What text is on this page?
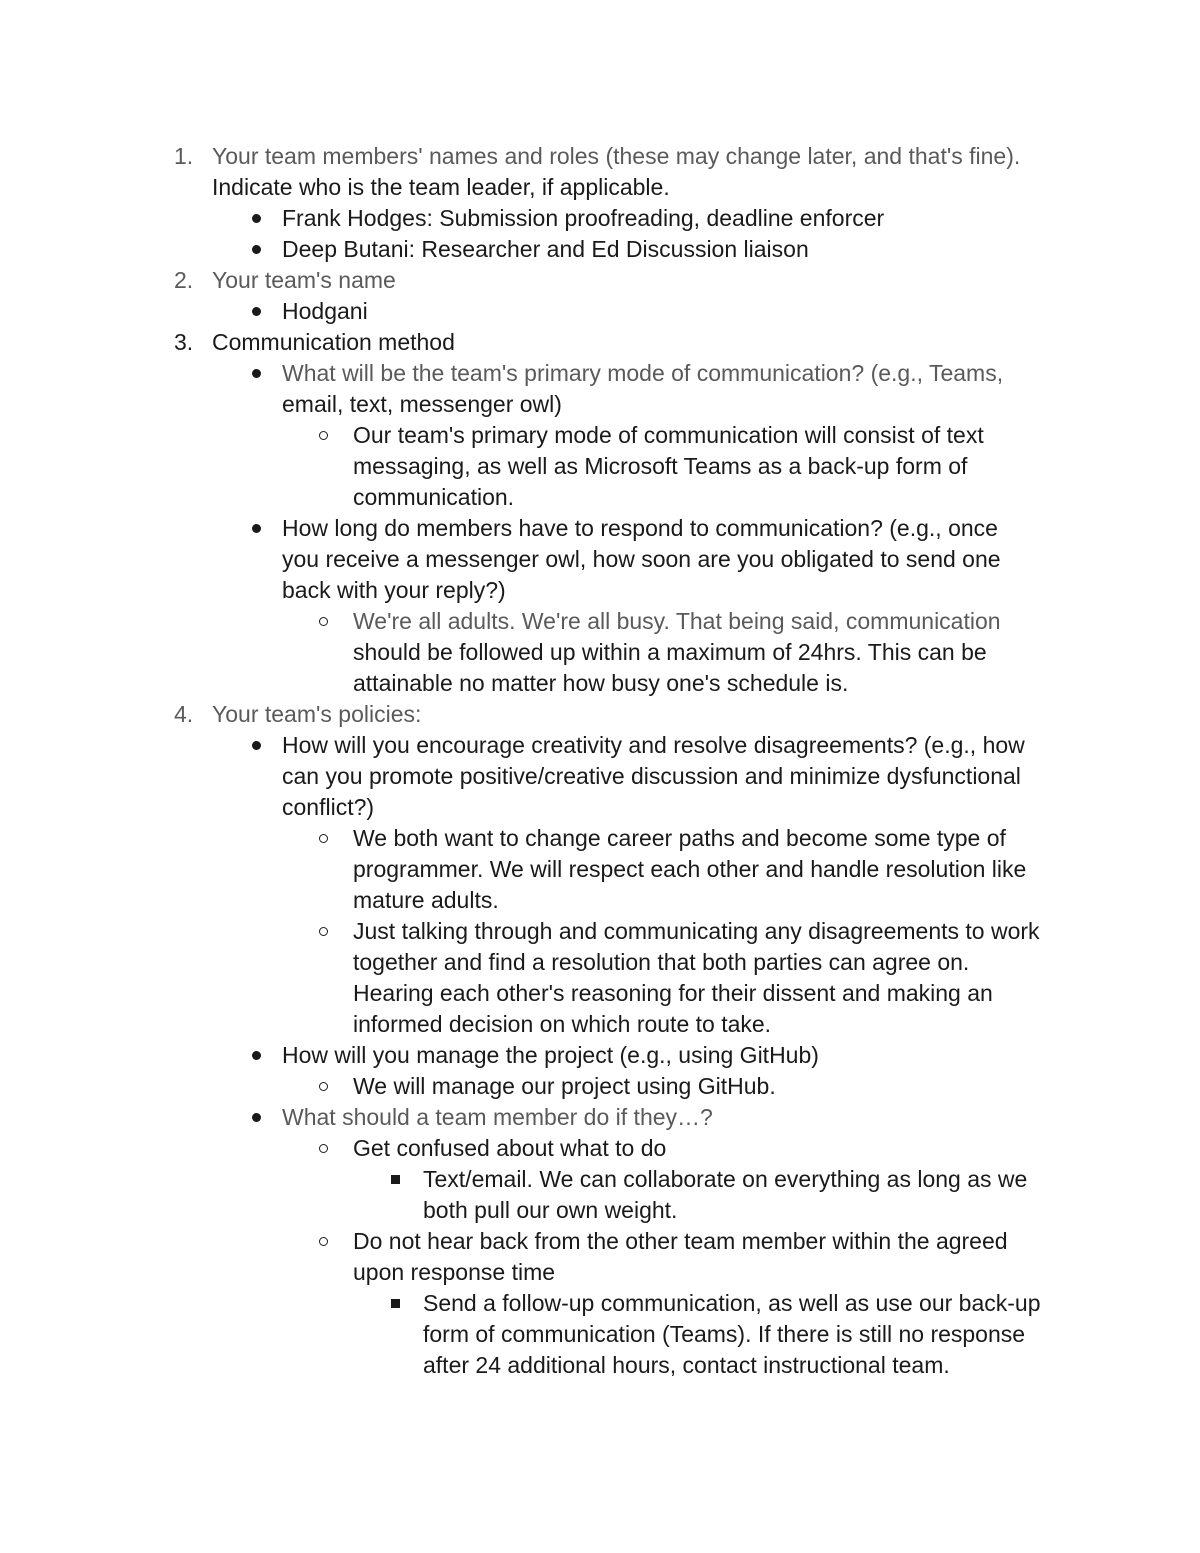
1. Your team members' names and roles (these may change later, and that's fine).
Indicate who is the team leader, if applicable.
Frank Hodges: Submission proofreading, deadline enforcer
Deep Butani: Researcher and Ed Discussion liaison
2. Your team's name
Hodgani
3. Communication method
What will be the team's primary mode of communication? (e.g., Teams,
email, text, messenger owl)
Our team's primary mode of communication will consist of text
messaging, as well as Microsoft Teams as a back-up form of
communication.
How long do members have to respond to communication? (e.g., once
you receive a messenger owl, how soon are you obligated to send one
back with your reply?)
We're all adults. We're all busy. That being said, communication
should be followed up within a maximum of 24hrs. This can be
attainable no matter how busy one's schedule is.
4. Your team's policies:
How will you encourage creativity and resolve disagreements? (e.g., how
can you promote positive/creative discussion and minimize dysfunctional
conflict?)
We both want to change career paths and become some type of
programmer. We will respect each other and handle resolution like
mature adults.
Just talking through and communicating any disagreements to work
together and find a resolution that both parties can agree on.
Hearing each other's reasoning for their dissent and making an
informed decision on which route to take.
How will you manage the project (e.g., using GitHub)
We will manage our project using GitHub.
What should a team member do if they…?
Get confused about what to do
Text/email. We can collaborate on everything as long as we
both pull our own weight.
Do not hear back from the other team member within the agreed
upon response time
Send a follow-up communication, as well as use our back-up
form of communication (Teams). If there is still no response
after 24 additional hours, contact instructional team.
